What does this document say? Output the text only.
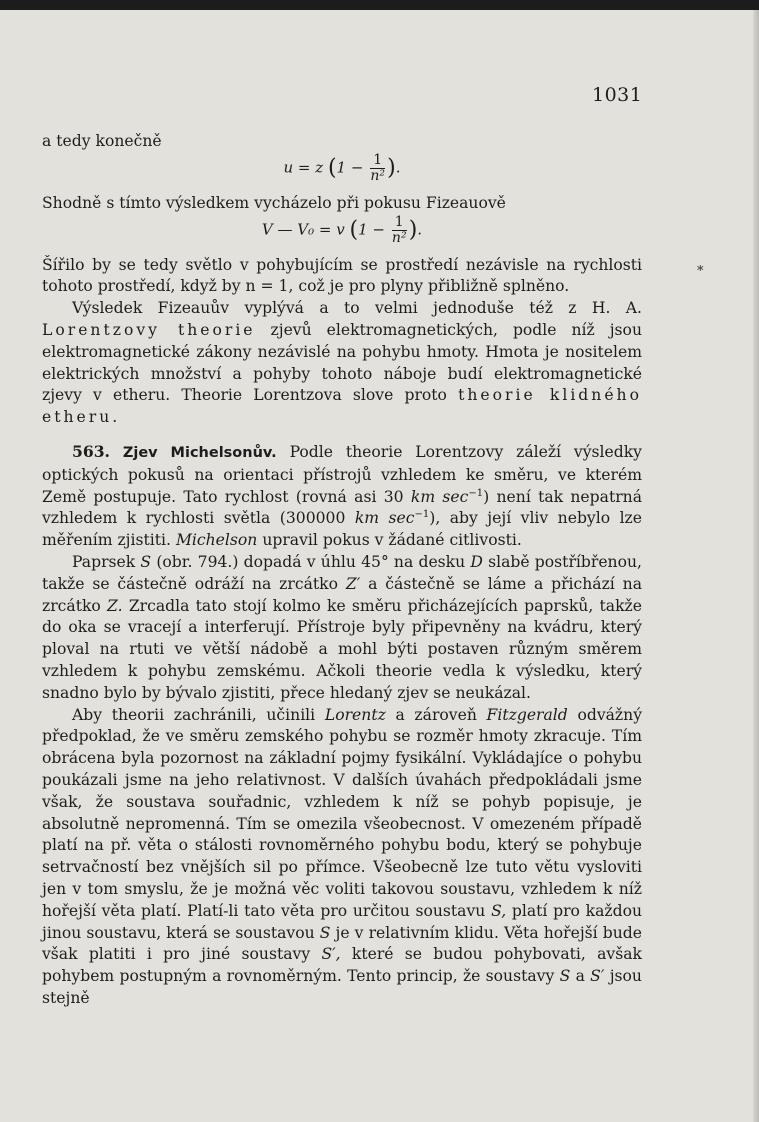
1031
*

a tedy konečně

u = z ($1 - \frac{1}{\text{n²}}$ ).

Shodně s tímto výsledkem vycházelo při pokusu Fizeauově

V — V₀ = v ($1 - \frac{1}{\text{n²}}$ ).

Šířilo by se tedy světlo v pohybujícím se prostředí nezávisle na rychlosti tohoto prostředí, když by n = 1, což je pro plyny přibližně splněno.

Výsledek Fizeauův vyplývá a to velmi jednoduše též z H. A. Lorentzovy theorie zjevů elektromagnetických, podle níž jsou elektromagnetické zákony nezávislé na pohybu hmoty. Hmota je nositelem elektrických množství a pohyby tohoto náboje budí elektromagnetické zjevy v etheru. Theorie Lorentzova slove proto theorie klidného etheru.

563. Zjev Michelsonův. Podle theorie Lorentzovy záleží výsledky optických pokusů na orientaci přístrojů vzhledem ke směru, ve kterém Země postupuje. Tato rychlost (rovná asi 30 km $\sec^{-1}$) není tak nepatrná vzhledem k rychlosti světla (300000 km $\sec^{-1}$), aby její vliv nebylo lze měřením zjistiti. Michelson upravil pokus v žádané citlivosti.

Paprsek S (obr. 794.) dopadá v úhlu 45° na desku D slabě postříbřenou, takže se částečně odráží na zrcátko Z′ a částečně se láme a přichází na zrcátko Z. Zrcadla tato stojí kolmo ke směru přicházejících paprsků, takže do oka se vracejí a interferují. Přístroje byly připevněny na kvádru, který ploval na rtuti ve větší nádobě a mohl býti postaven různým směrem vzhledem k pohybu zemskému. Ačkoli theorie vedla k výsledku, který snadno bylo by bývalo zjistiti, přece hledaný zjev se neukázal.

Aby theorii zachránili, učinili Lorentz a zároveň Fitzgerald odvážný předpoklad, že ve směru zemského pohybu se rozměr hmoty zkracuje. Tím obrácena byla pozornost na základní pojmy fysikální. Vykládajíce o pohybu poukázali jsme na jeho relativnost. V dalších úvahách předpokládali jsme však, že soustava souřadnic, vzhledem k níž se pohyb popisuje, je absolutně nepromenná. Tím se omezila všeobecnost. V omezeném případě platí na př. věta o stálosti rovnoměrného pohybu bodu, který se pohybuje setrvačností bez vnějších sil po přímce. Všeobecně lze tuto větu vysloviti jen v tom smyslu, že je možná věc voliti takovou soustavu, vzhledem k níž hořejší věta platí. Platí-li tato věta pro určitou soustavu S, platí pro každou jinou soustavu, která se soustavou S je v relativním klidu. Věta hořejší bude však platiti i pro jiné soustavy S′, které se budou pohybovati, avšak pohybem postupným a rovnoměrným. Tento princip, že soustavy S a S′ jsou stejně
